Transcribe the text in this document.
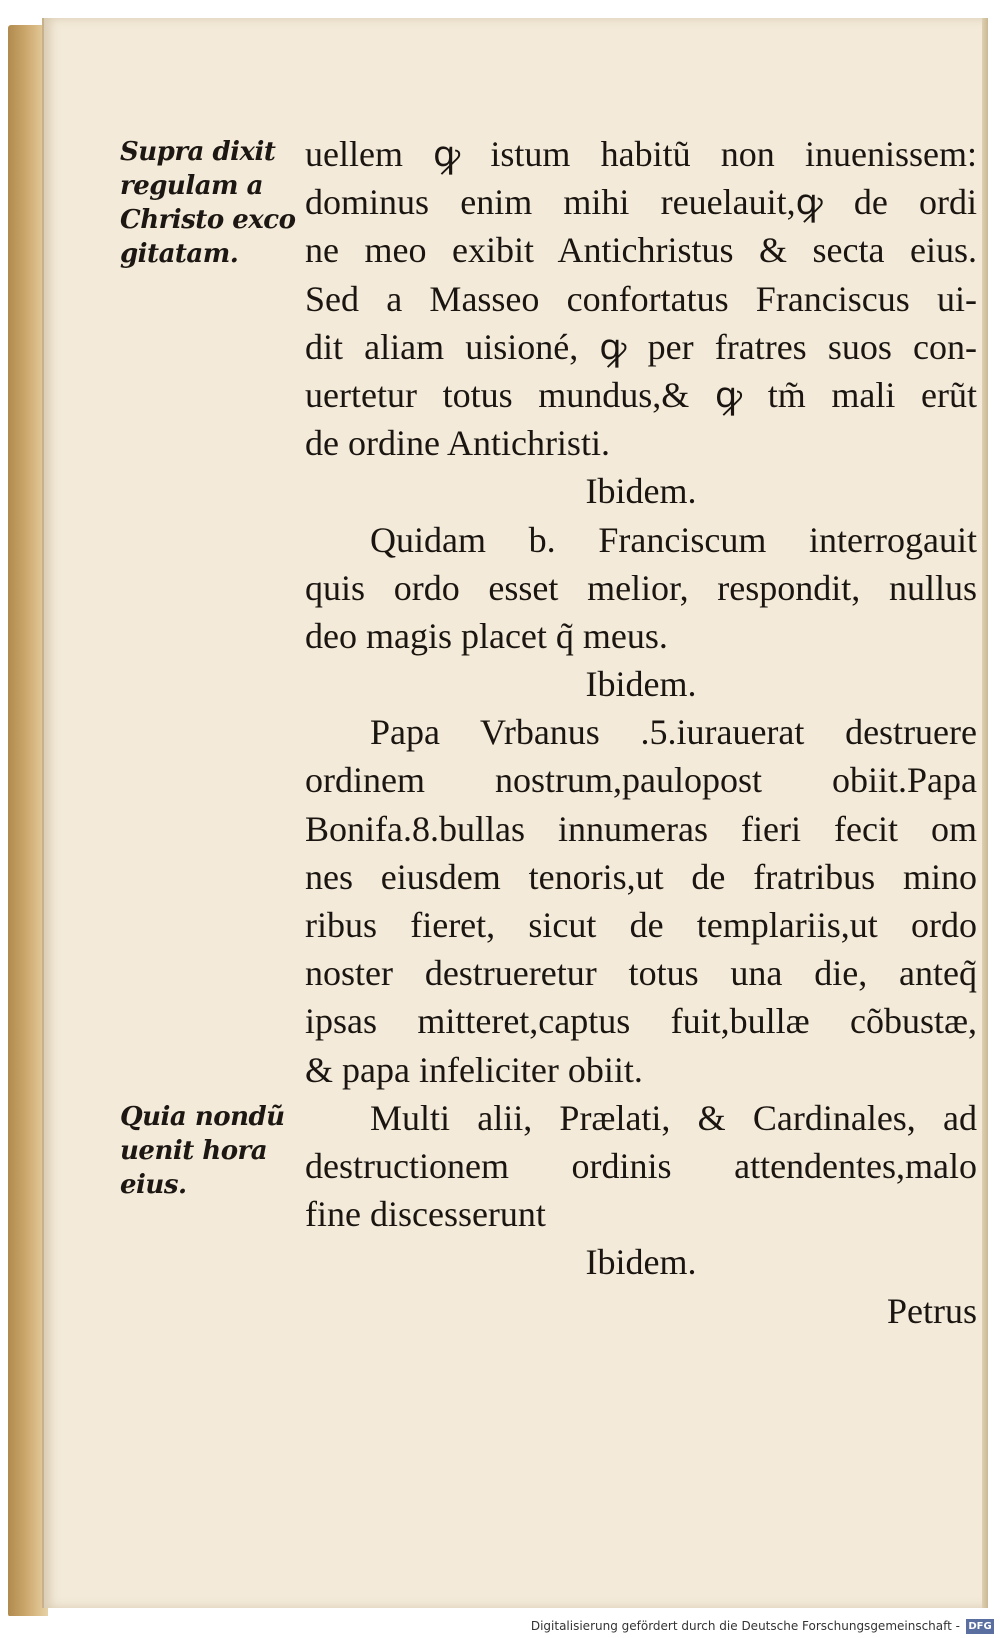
Supra dixit
regulam a
Christo exco
gitatam.
Quia nondũ
uenit hora
eius.
uellem ꝙ istum habitũ non inuenissem:
dominus enim mihi reuelauit,ꝙ de ordi
ne meo exibit Antichristus & secta eius.
Sed a Masseo confortatus Franciscus ui-
dit aliam uisioné, ꝙ per fratres suos con-
uertetur totus mundus,& ꝙ tm̃ mali erũt
de ordine Antichristi.
Ibidem.
Quidam b. Franciscum interrogauit
quis ordo esset melior, respondit, nullus
deo magis placet q̃ meus.
Ibidem.
Papa Vrbanus .5.iurauerat destruere
ordinem nostrum,paulopost obiit.Papa
Bonifa.8.bullas innumeras fieri fecit om
nes eiusdem tenoris,ut de fratribus mino
ribus fieret, sicut de templariis,ut ordo
noster destrueretur totus una die, anteq̃
ipsas mitteret,captus fuit,bullæ cõbustæ,
& papa infeliciter obiit.
Multi alii, Prælati, & Cardinales, ad
destructionem ordinis attendentes,malo
fine discesserunt
Ibidem.
Petrus
Digitalisierung gefördert durch die Deutsche Forschungsgemeinschaft - DFG
